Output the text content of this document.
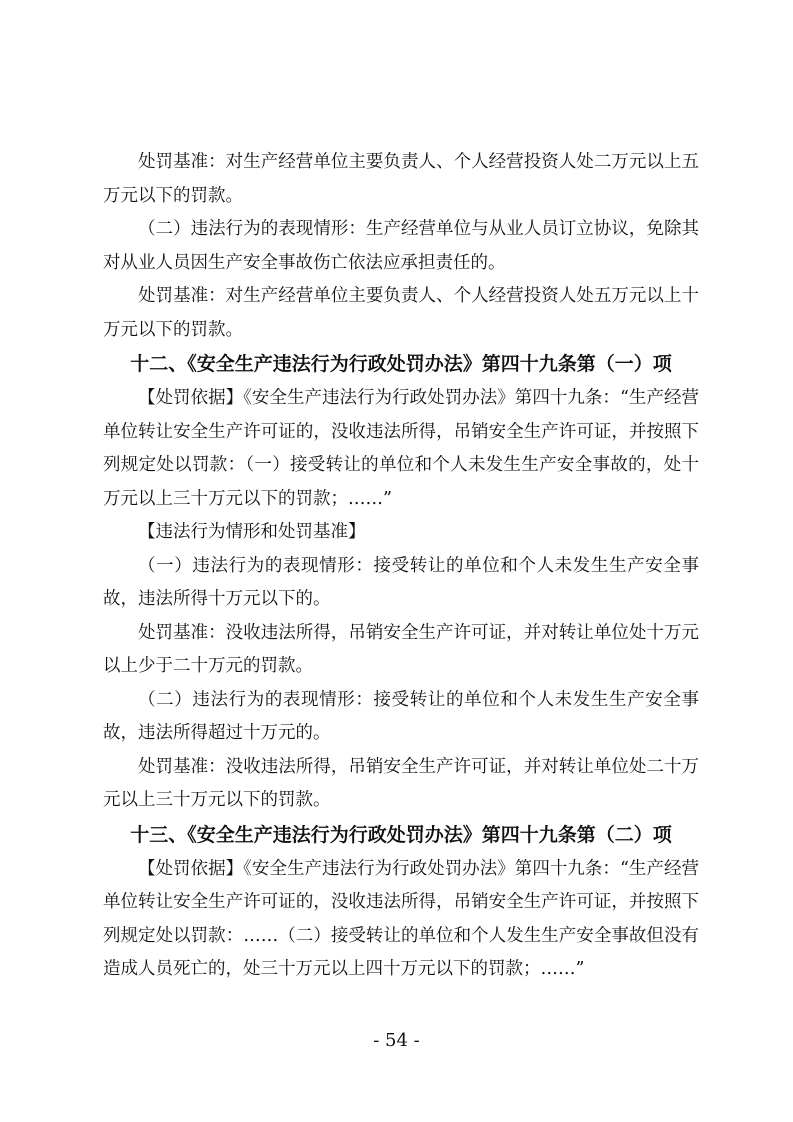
处罚基准：对生产经营单位主要负责人、个人经营投资人处二万元以上五万元以下的罚款。

（二）违法行为的表现情形：生产经营单位与从业人员订立协议，免除其对从业人员因生产安全事故伤亡依法应承担责任的。

处罚基准：对生产经营单位主要负责人、个人经营投资人处五万元以上十万元以下的罚款。

十二、《安全生产违法行为行政处罚办法》第四十九条第（一）项

【处罚依据】《安全生产违法行为行政处罚办法》第四十九条：“生产经营单位转让安全生产许可证的，没收违法所得，吊销安全生产许可证，并按照下列规定处以罚款：（一）接受转让的单位和个人未发生生产安全事故的，处十万元以上三十万元以下的罚款；……”

【违法行为情形和处罚基准】

（一）违法行为的表现情形：接受转让的单位和个人未发生生产安全事故，违法所得十万元以下的。

处罚基准：没收违法所得，吊销安全生产许可证，并对转让单位处十万元以上少于二十万元的罚款。

（二）违法行为的表现情形：接受转让的单位和个人未发生生产安全事故，违法所得超过十万元的。

处罚基准：没收违法所得，吊销安全生产许可证，并对转让单位处二十万元以上三十万元以下的罚款。

十三、《安全生产违法行为行政处罚办法》第四十九条第（二）项

【处罚依据】《安全生产违法行为行政处罚办法》第四十九条：“生产经营单位转让安全生产许可证的，没收违法所得，吊销安全生产许可证，并按照下列规定处以罚款：……（二）接受转让的单位和个人发生生产安全事故但没有造成人员死亡的，处三十万元以上四十万元以下的罚款；……”

- 54 -
